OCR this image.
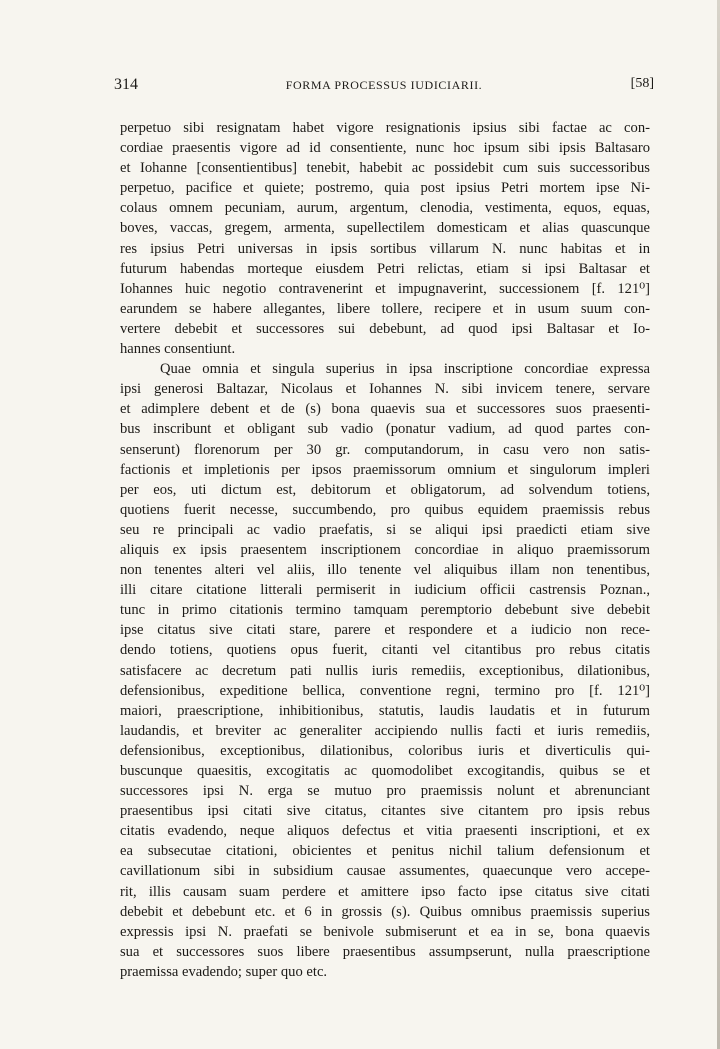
314	FORMA PROCESSUS IUDICIARII.	[58]
perpetuo sibi resignatam habet vigore resignationis ipsius sibi factae ac con-
cordiae praesentis vigore ad id consentiente, nunc hoc ipsum sibi ipsis Baltasaro
et Iohanne [consentientibus] tenebit, habebit ac possidebit cum suis successoribus
perpetuo, pacifice et quiete; postremo, quia post ipsius Petri mortem ipse Ni-
colaus omnem pecuniam, aurum, argentum, clenodia, vestimenta, equos, equas,
boves, vaccas, gregem, armenta, supellectilem domesticam et alias quascunque
res ipsius Petri universas in ipsis sortibus villarum N. nunc habitas et in
futurum habendas morteque eiusdem Petri relictas, etiam si ipsi Baltasar et
Iohannes huic negotio contravenerint et impugnaverint, successionem [f. 121⁰]
earundem se habere allegantes, libere tollere, recipere et in usum suum con-
vertere debebit et successores sui debebunt, ad quod ipsi Baltasar et Io-
hannes consentiunt.
Quae omnia et singula superius in ipsa inscriptione concordiae expressa
ipsi generosi Baltazar, Nicolaus et Iohannes N. sibi invicem tenere, servare
et adimplere debent et de (s) bona quaevis sua et successores suos praesenti-
bus inscribunt et obligant sub vadio (ponatur vadium, ad quod partes con-
senserunt) florenorum per 30 gr. computandorum, in casu vero non satis-
factionis et impletionis per ipsos praemissorum omnium et singulorum impleri
per eos, uti dictum est, debitorum et obligatorum, ad solvendum totiens,
quotiens fuerit necesse, succumbendo, pro quibus equidem praemissis rebus
seu re principali ac vadio praefatis, si se aliqui ipsi praedicti etiam sive
aliquis ex ipsis praesentem inscriptionem concordiae in aliquo praemissorum
non tenentes alteri vel aliis, illo tenente vel aliquibus illam non tenentibus,
illi citare citatione litterali permiserit in iudicium officii castrensis Poznan.,
tunc in primo citationis termino tamquam peremptorio debebunt sive debebit
ipse citatus sive citati stare, parere et respondere et a iudicio non rece-
dendo totiens, quotiens opus fuerit, citanti vel citantibus pro rebus citatis
satisfacere ac decretum pati nullis iuris remediis, exceptionibus, dilationibus,
defensionibus, expeditione bellica, conventione regni, termino pro [f. 121⁰]
maiori, praescriptione, inhibitionibus, statutis, laudis laudatis et in futurum
laudandis, et breviter ac generaliter accipiendo nullis facti et iuris remediis,
defensionibus, exceptionibus, dilationibus, coloribus iuris et diverticulis qui-
buscunque quaesitis, excogitatis ac quomodolibet excogitandis, quibus se et
successores ipsi N. erga se mutuo pro praemissis nolunt et abrenunciant
praesentibus ipsi citati sive citatus, citantes sive citantem pro ipsis rebus
citatis evadendo, neque aliquos defectus et vitia praesenti inscriptioni, et ex
ea subsecutae citationi, obicientes et penitus nichil talium defensionum et
cavillationum sibi in subsidium causae assumentes, quaecunque vero accepe-
rit, illis causam suam perdere et amittere ipso facto ipse citatus sive citati
debebit et debebunt etc. et 6 in grossis (s). Quibus omnibus praemissis superius
expressis ipsi N. praefati se benivole submiserunt et ea in se, bona quaevis
sua et successores suos libere praesentibus assumpserunt, nulla praescriptione
praemissa evadendo; super quo etc.
